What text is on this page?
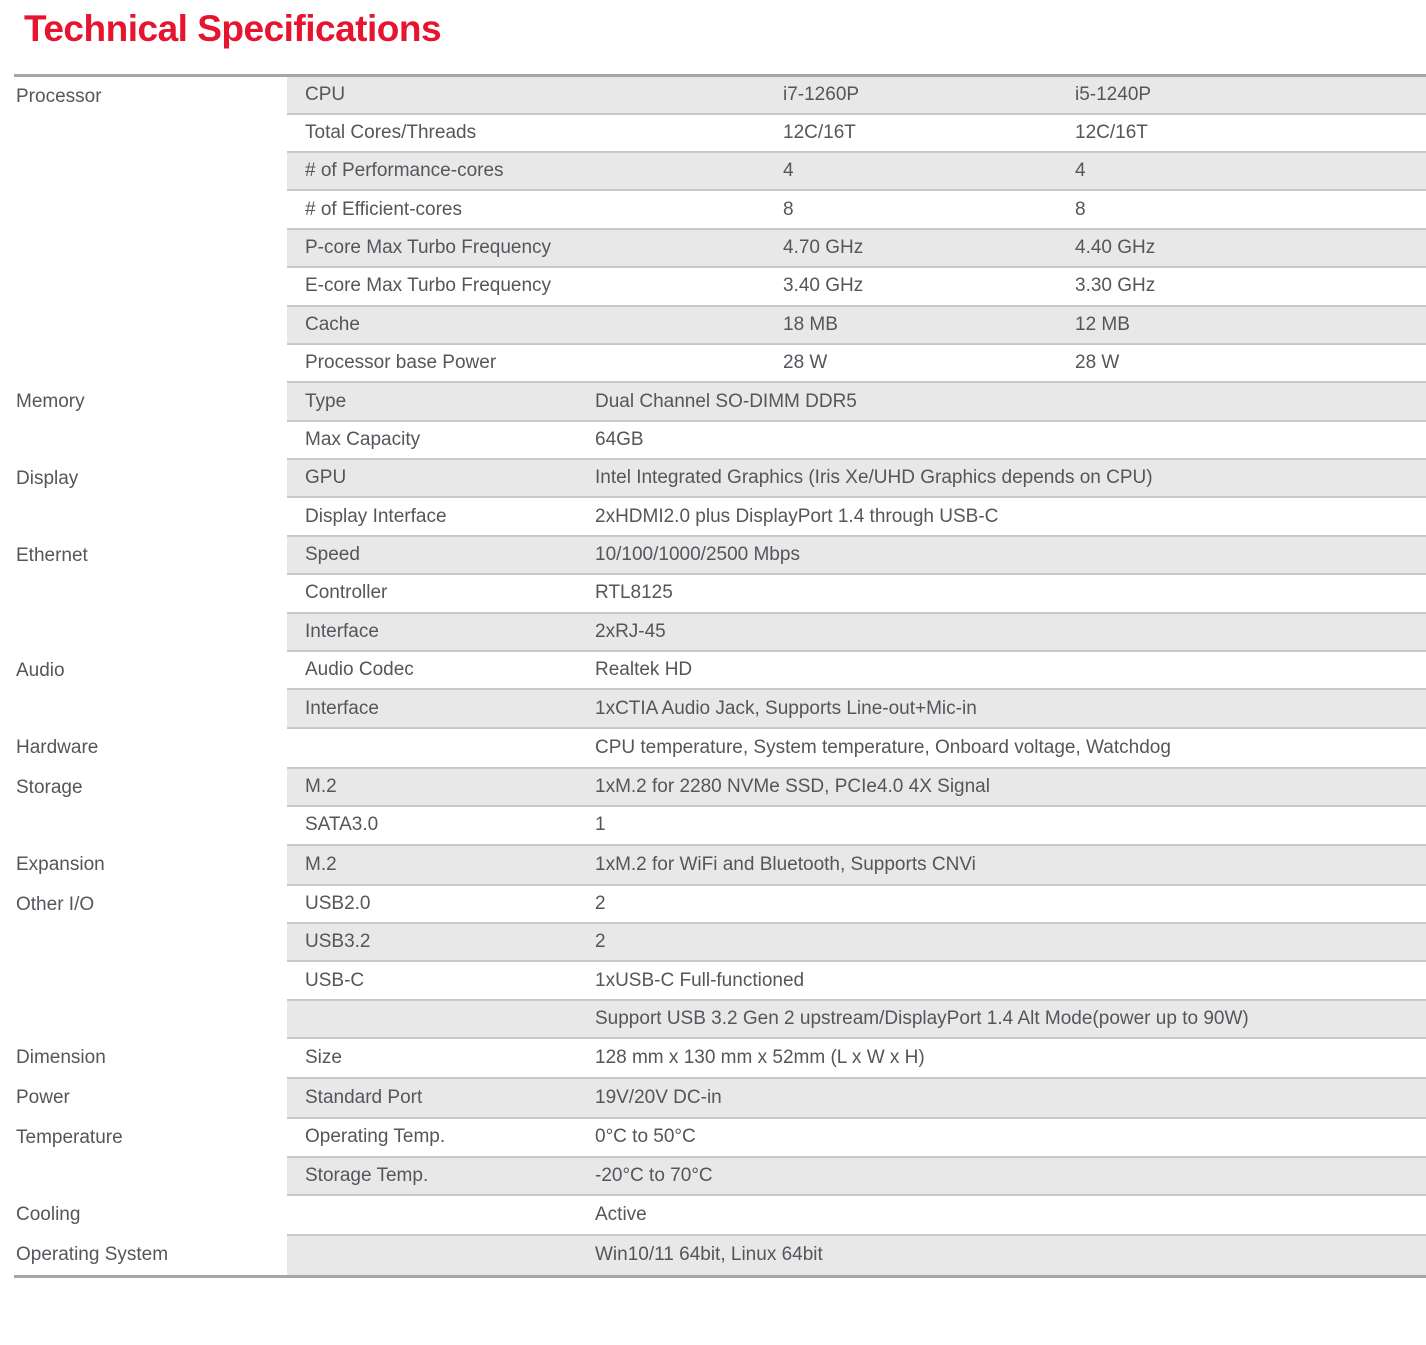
Technical Specifications
Processor	CPU		i7-1260P	i5-1240P
	Total Cores/Threads		12C/16T	12C/16T
	# of Performance-cores		4	4
	# of Efficient-cores		8	8
	P-core Max Turbo Frequency		4.70 GHz	4.40 GHz
	E-core Max Turbo Frequency		3.40 GHz	3.30 GHz
	Cache		18 MB	12 MB
	Processor base Power		28 W	28 W

Memory	Type	Dual Channel SO-DIMM DDR5		
	Max Capacity	64GB		

Display	GPU	Intel Integrated Graphics (Iris Xe/UHD Graphics depends on CPU)		
	Display Interface	2xHDMI2.0 plus DisplayPort 1.4 through USB-C		

Ethernet	Speed	10/100/1000/2500 Mbps		
	Controller	RTL8125		
	Interface	2xRJ-45		

Audio	Audio Codec	Realtek HD		
	Interface	1xCTIA Audio Jack, Supports Line-out+Mic-in		

Hardware		CPU temperature, System temperature, Onboard voltage, Watchdog		

Storage	M.2	1xM.2 for 2280 NVMe SSD, PCIe4.0 4X Signal		
	SATA3.0	1		

Expansion	M.2	1xM.2 for WiFi and Bluetooth, Supports CNVi		

Other I/O	USB2.0	2		
	USB3.2	2		
	USB-C	1xUSB-C Full-functioned		
		Support USB 3.2 Gen 2 upstream/DisplayPort 1.4 Alt Mode(power up to 90W)		

Dimension	Size	128 mm x 130 mm x 52mm (L x W x H)		

Power	Standard Port	19V/20V DC-in		

Temperature	Operating Temp.	0°C to 50°C		
	Storage Temp.	-20°C to 70°C		

Cooling		Active		

Operating System		Win10/11 64bit, Linux 64bit		
